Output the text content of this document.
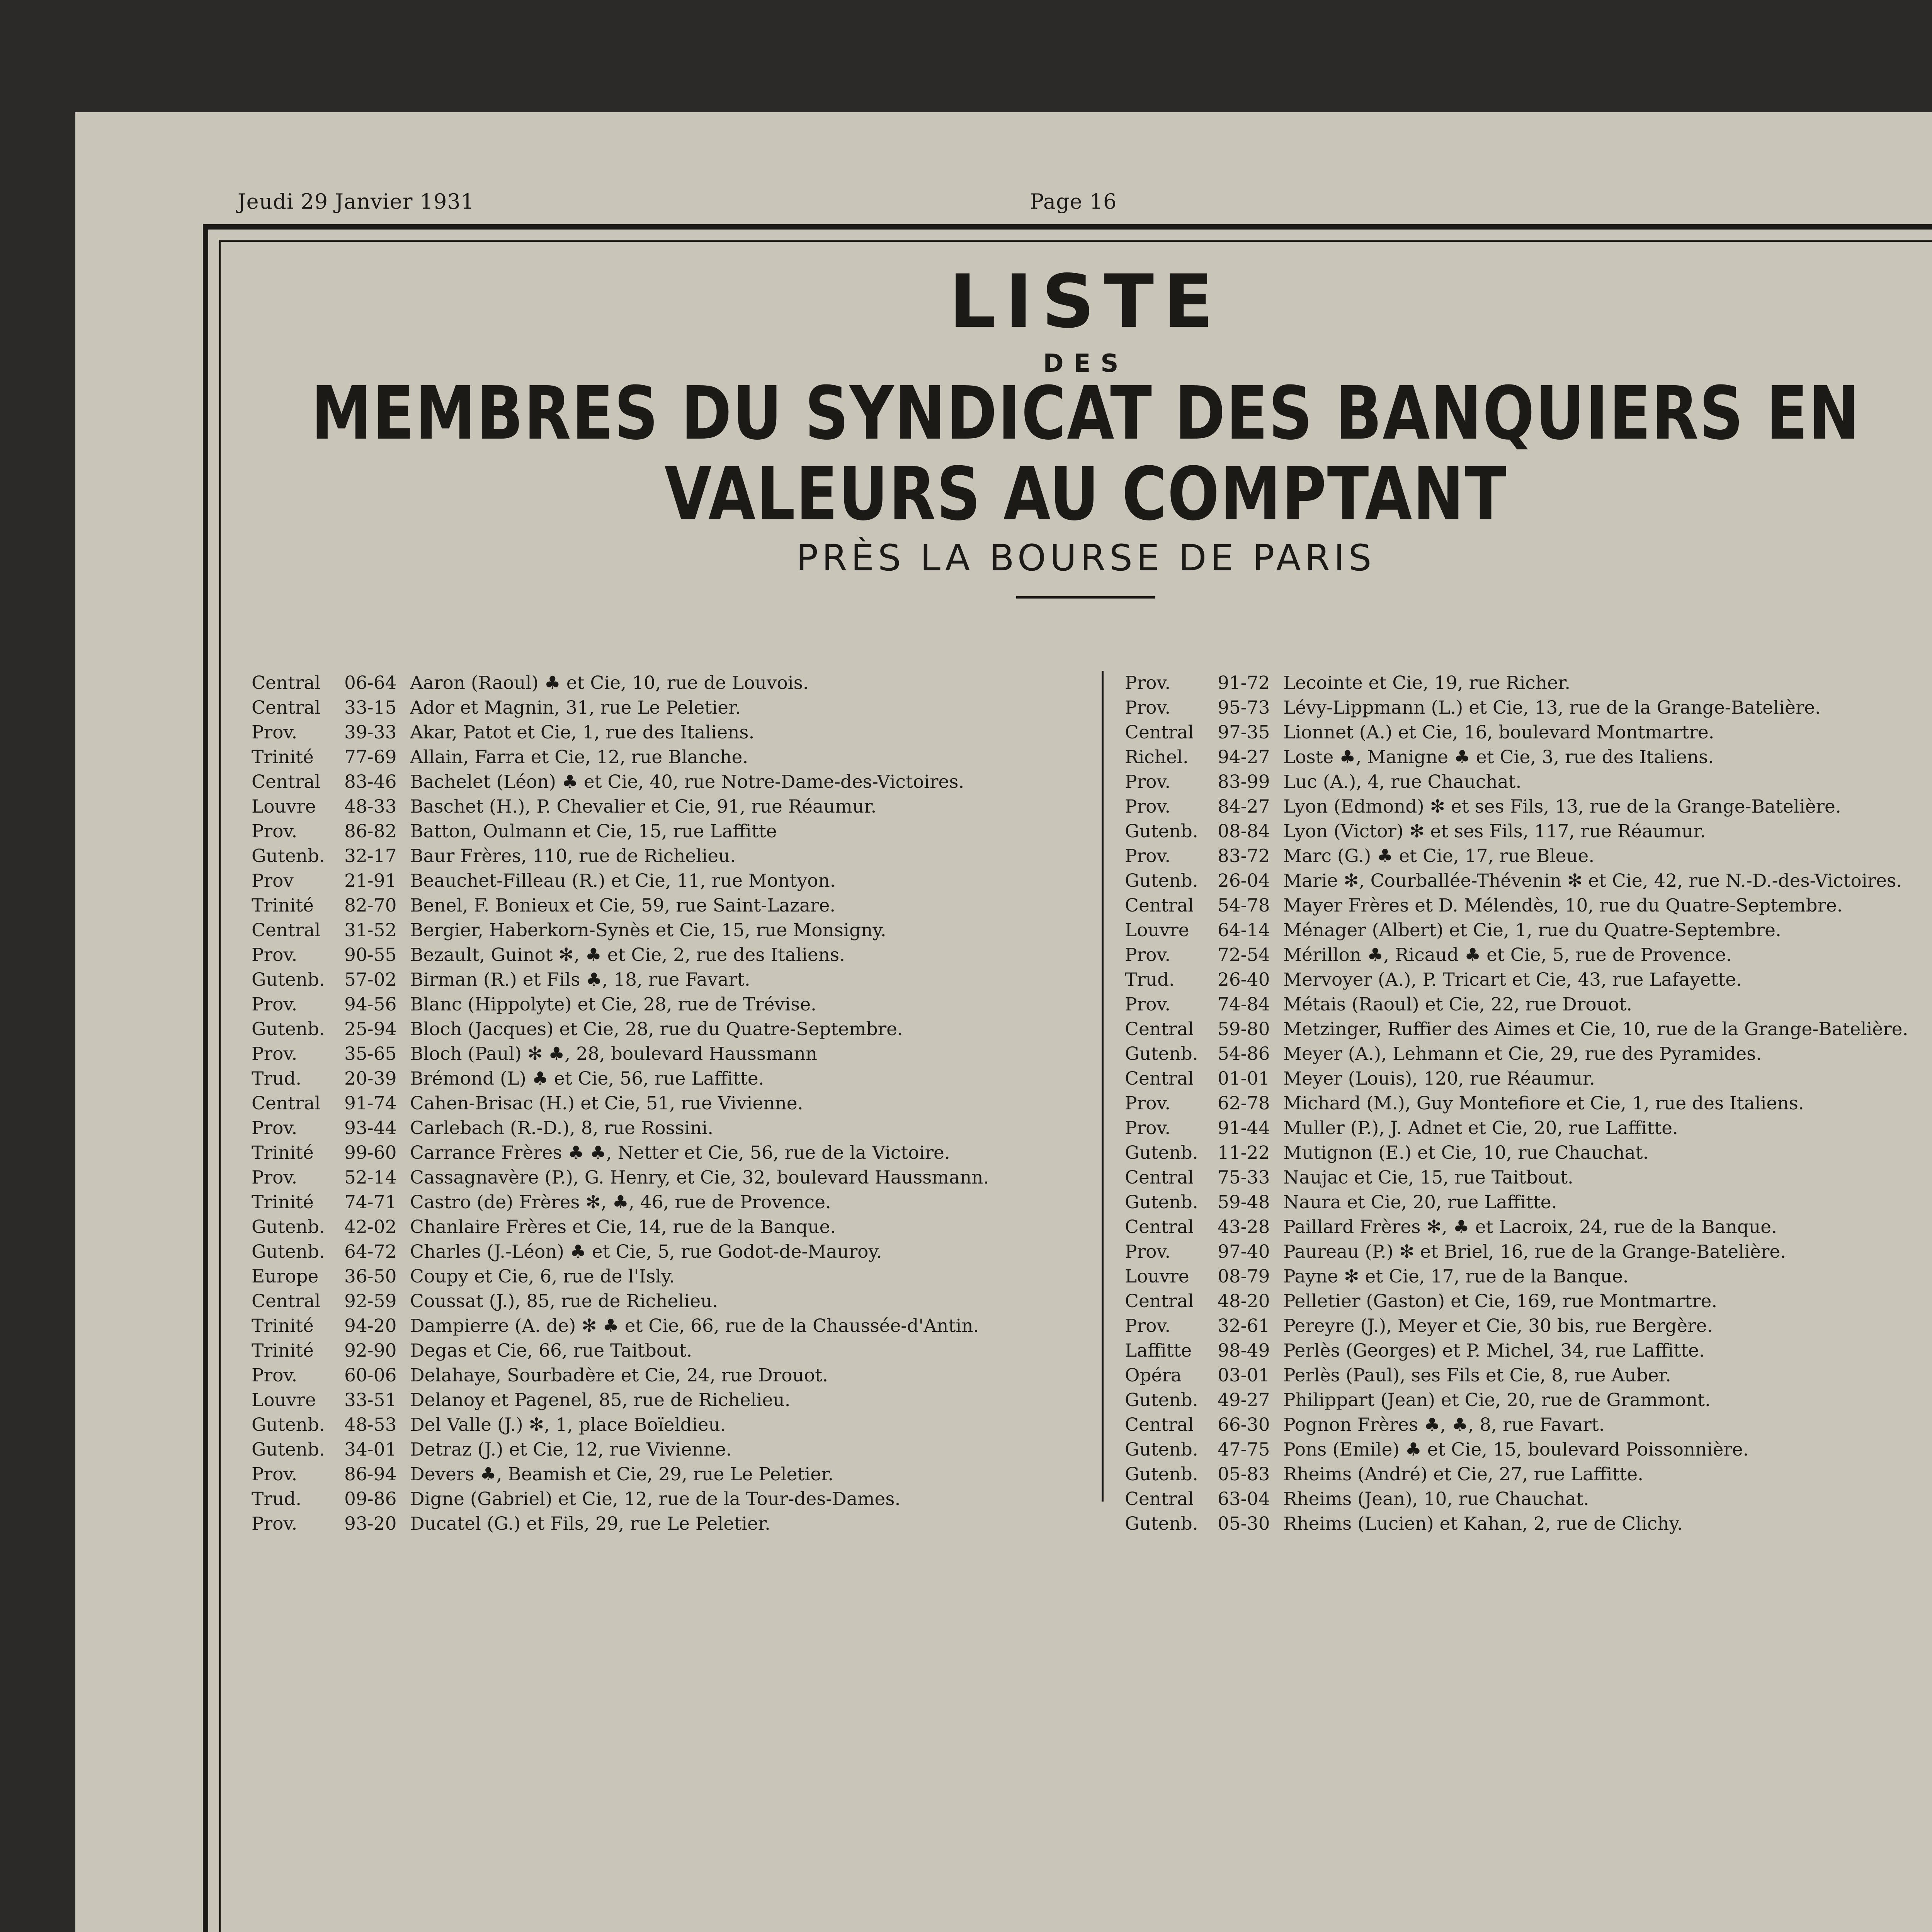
Jeudi 29 Janvier 1931	Page 16
LISTE
DES
MEMBRES DU SYNDICAT DES BANQUIERS EN VALEURS AU COMPTANT
PRÈS LA BOURSE DE PARIS
Central	06-64 Aaron (Raoul) ♣ et Cie, 10, rue de Louvois.
Central	33-15 Ador et Magnin, 31, rue Le Peletier.
Prov.	39-33 Akar, Patot et Cie, 1, rue des Italiens.
Trinité	77-69 Allain, Farra et Cie, 12, rue Blanche.
Central	83-46 Bachelet (Léon) ♣ et Cie, 40, rue Notre-Dame-des-Victoires.
Louvre	48-33 Baschet (H.), P. Chevalier et Cie, 91, rue Réaumur.
Prov.	86-82 Batton, Oulmann et Cie, 15, rue Laffitte
Gutenb.	32-17 Baur Frères, 110, rue de Richelieu.
Prov	21-91 Beauchet-Filleau (R.) et Cie, 11, rue Montyon.
Trinité	82-70 Benel, F. Bonieux et Cie, 59, rue Saint-Lazare.
Central	31-52 Bergier, Haberkorn-Synès et Cie, 15, rue Monsigny.
Prov.	90-55 Bezault, Guinot ✻, ♣ et Cie, 2, rue des Italiens.
Gutenb.	57-02 Birman (R.) et Fils ♣, 18, rue Favart.
Prov.	94-56 Blanc (Hippolyte) et Cie, 28, rue de Trévise.
Gutenb.	25-94 Bloch (Jacques) et Cie, 28, rue du Quatre-Septembre.
Prov.	35-65 Bloch (Paul) ✻ ♣, 28, boulevard Haussmann
Trud.	20-39 Brémond (L) ♣ et Cie, 56, rue Laffitte.
Central	91-74 Cahen-Brisac (H.) et Cie, 51, rue Vivienne.
Prov.	93-44 Carlebach (R.-D.), 8, rue Rossini.
Trinité	99-60 Carrance Frères ♣ ♣, Netter et Cie, 56, rue de la Victoire.
Prov.	52-14 Cassagnavère (P.), G. Henry, et Cie, 32, boulevard Haussmann.
Trinité	74-71 Castro (de) Frères ✻, ♣, 46, rue de Provence.
Gutenb.	42-02 Chanlaire Frères et Cie, 14, rue de la Banque.
Gutenb.	64-72 Charles (J.-Léon) ♣ et Cie, 5, rue Godot-de-Mauroy.
Europe	36-50 Coupy et Cie, 6, rue de l'Isly.
Central	92-59 Coussat (J.), 85, rue de Richelieu.
Trinité	94-20 Dampierre (A. de) ✻ ♣ et Cie, 66, rue de la Chaussée-d'Antin.
Trinité	92-90 Degas et Cie, 66, rue Taitbout.
Prov.	60-06 Delahaye, Sourbadère et Cie, 24, rue Drouot.
Louvre	33-51 Delanoy et Pagenel, 85, rue de Richelieu.
Gutenb.	48-53 Del Valle (J.) ✻, 1, place Boïeldieu.
Gutenb.	34-01 Detraz (J.) et Cie, 12, rue Vivienne.
Prov.	86-94 Devers ♣, Beamish et Cie, 29, rue Le Peletier.
Trud.	09-86 Digne (Gabriel) et Cie, 12, rue de la Tour-des-Dames.
Prov.	93-20 Ducatel (G.) et Fils, 29, rue Le Peletier.
Prov.	91-72 Lecointe et Cie, 19, rue Richer.
Prov.	95-73 Lévy-Lippmann (L.) et Cie, 13, rue de la Grange-Batelière.
Central	97-35 Lionnet (A.) et Cie, 16, boulevard Montmartre.
Richel.	94-27 Loste ♣, Manigne ♣ et Cie, 3, rue des Italiens.
Prov.	83-99 Luc (A.), 4, rue Chauchat.
Prov.	84-27 Lyon (Edmond) ✻ et ses Fils, 13, rue de la Grange-Batelière.
Gutenb.	08-84 Lyon (Victor) ✻ et ses Fils, 117, rue Réaumur.
Prov.	83-72 Marc (G.) ♣ et Cie, 17, rue Bleue.
Gutenb.	26-04 Marie ✻, Courballée-Thévenin ✻ et Cie, 42, rue N.-D.-des-Victoires.
Central	54-78 Mayer Frères et D. Mélendès, 10, rue du Quatre-Septembre.
Louvre	64-14 Ménager (Albert) et Cie, 1, rue du Quatre-Septembre.
Prov.	72-54 Mérillon ♣, Ricaud ♣ et Cie, 5, rue de Provence.
Trud.	26-40 Mervoyer (A.), P. Tricart et Cie, 43, rue Lafayette.
Prov.	74-84 Métais (Raoul) et Cie, 22, rue Drouot.
Central	59-80 Metzinger, Ruffier des Aimes et Cie, 10, rue de la Grange-Batelière.
Gutenb.	54-86 Meyer (A.), Lehmann et Cie, 29, rue des Pyramides.
Central	01-01 Meyer (Louis), 120, rue Réaumur.
Prov.	62-78 Michard (M.), Guy Montefiore et Cie, 1, rue des Italiens.
Prov.	91-44 Muller (P.), J. Adnet et Cie, 20, rue Laffitte.
Gutenb.	11-22 Mutignon (E.) et Cie, 10, rue Chauchat.
Central	75-33 Naujac et Cie, 15, rue Taitbout.
Gutenb.	59-48 Naura et Cie, 20, rue Laffitte.
Central	43-28 Paillard Frères ✻, ♣ et Lacroix, 24, rue de la Banque.
Prov.	97-40 Paureau (P.) ✻ et Briel, 16, rue de la Grange-Batelière.
Louvre	08-79 Payne ✻ et Cie, 17, rue de la Banque.
Central	48-20 Pelletier (Gaston) et Cie, 169, rue Montmartre.
Prov.	32-61 Pereyre (J.), Meyer et Cie, 30 bis, rue Bergère.
Laffitte	98-49 Perlès (Georges) et P. Michel, 34, rue Laffitte.
Opéra	03-01 Perlès (Paul), ses Fils et Cie, 8, rue Auber.
Gutenb.	49-27 Philippart (Jean) et Cie, 20, rue de Grammont.
Central	66-30 Pognon Frères ♣, ♣, 8, rue Favart.
Gutenb.	47-75 Pons (Emile) ♣ et Cie, 15, boulevard Poissonnière.
Gutenb.	05-83 Rheims (André) et Cie, 27, rue Laffitte.
Central	63-04 Rheims (Jean), 10, rue Chauchat.
Gutenb.	05-30 Rheims (Lucien) et Kahan, 2, rue de Clichy.
